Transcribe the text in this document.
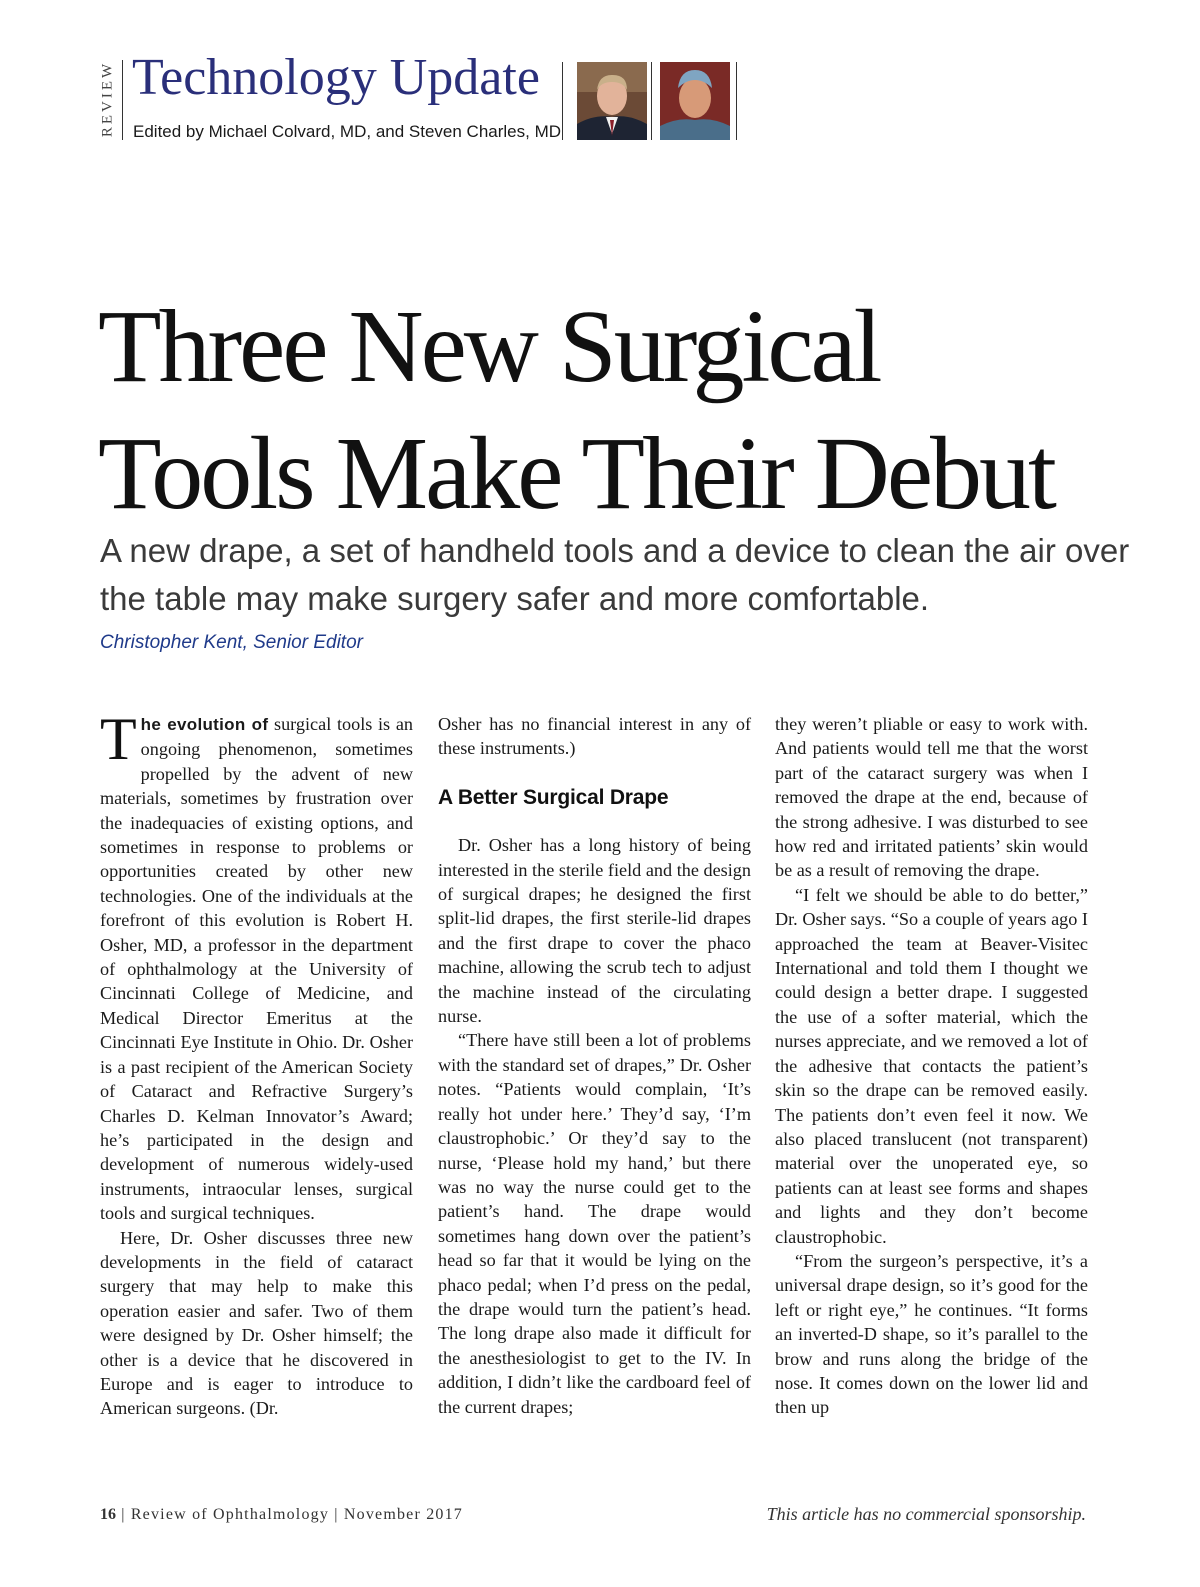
REVIEW Technology Update
Edited by Michael Colvard, MD, and Steven Charles, MD
Three New Surgical
Tools Make Their Debut

A new drape, a set of handheld tools and a device to clean the air over the table may make surgery safer and more comfortable.

Christopher Kent, Senior Editor

The evolution of surgical tools is an ongoing phenomenon, sometimes propelled by the advent of new materials, sometimes by frustration over the inadequacies of existing options, and sometimes in response to problems or opportunities created by other new technologies. One of the individuals at the forefront of this evolution is Robert H. Osher, MD, a professor in the department of ophthalmology at the University of Cincinnati College of Medicine, and Medical Director Emeritus at the Cincinnati Eye Institute in Ohio. Dr. Osher is a past recipient of the American Society of Cataract and Refractive Surgery’s Charles D. Kelman Innovator’s Award; he’s participated in the design and development of numerous widely-used instruments, intraocular lenses, surgical tools and surgical techniques.

Here, Dr. Osher discusses three new developments in the field of cataract surgery that may help to make this operation easier and safer. Two of them were designed by Dr. Osher himself; the other is a device that he discovered in Europe and is eager to introduce to American surgeons. (Dr.

Osher has no financial interest in any of these instruments.)

A Better Surgical Drape

Dr. Osher has a long history of being interested in the sterile field and the design of surgical drapes; he designed the first split-lid drapes, the first sterile-lid drapes and the first drape to cover the phaco machine, allowing the scrub tech to adjust the machine instead of the circulating nurse.

“There have still been a lot of problems with the standard set of drapes,” Dr. Osher notes. “Patients would complain, ‘It’s really hot under here.’ They’d say, ‘I’m claustrophobic.’ Or they’d say to the nurse, ‘Please hold my hand,’ but there was no way the nurse could get to the patient’s hand. The drape would sometimes hang down over the patient’s head so far that it would be lying on the phaco pedal; when I’d press on the pedal, the drape would turn the patient’s head. The long drape also made it difficult for the anesthesiologist to get to the IV. In addition, I didn’t like the cardboard feel of the current drapes;

they weren’t pliable or easy to work with. And patients would tell me that the worst part of the cataract surgery was when I removed the drape at the end, because of the strong adhesive. I was disturbed to see how red and irritated patients’ skin would be as a result of removing the drape.

“I felt we should be able to do better,” Dr. Osher says. “So a couple of years ago I approached the team at Beaver-Visitec International and told them I thought we could design a better drape. I suggested the use of a softer material, which the nurses appreciate, and we removed a lot of the adhesive that contacts the patient’s skin so the drape can be removed easily. The patients don’t even feel it now. We also placed translucent (not transparent) material over the unoperated eye, so patients can at least see forms and shapes and lights and they don’t become claustrophobic.

“From the surgeon’s perspective, it’s a universal drape design, so it’s good for the left or right eye,” he continues. “It forms an inverted-D shape, so it’s parallel to the brow and runs along the bridge of the nose. It comes down on the lower lid and then up

16 | Review of Ophthalmology | November 2017	This article has no commercial sponsorship.
